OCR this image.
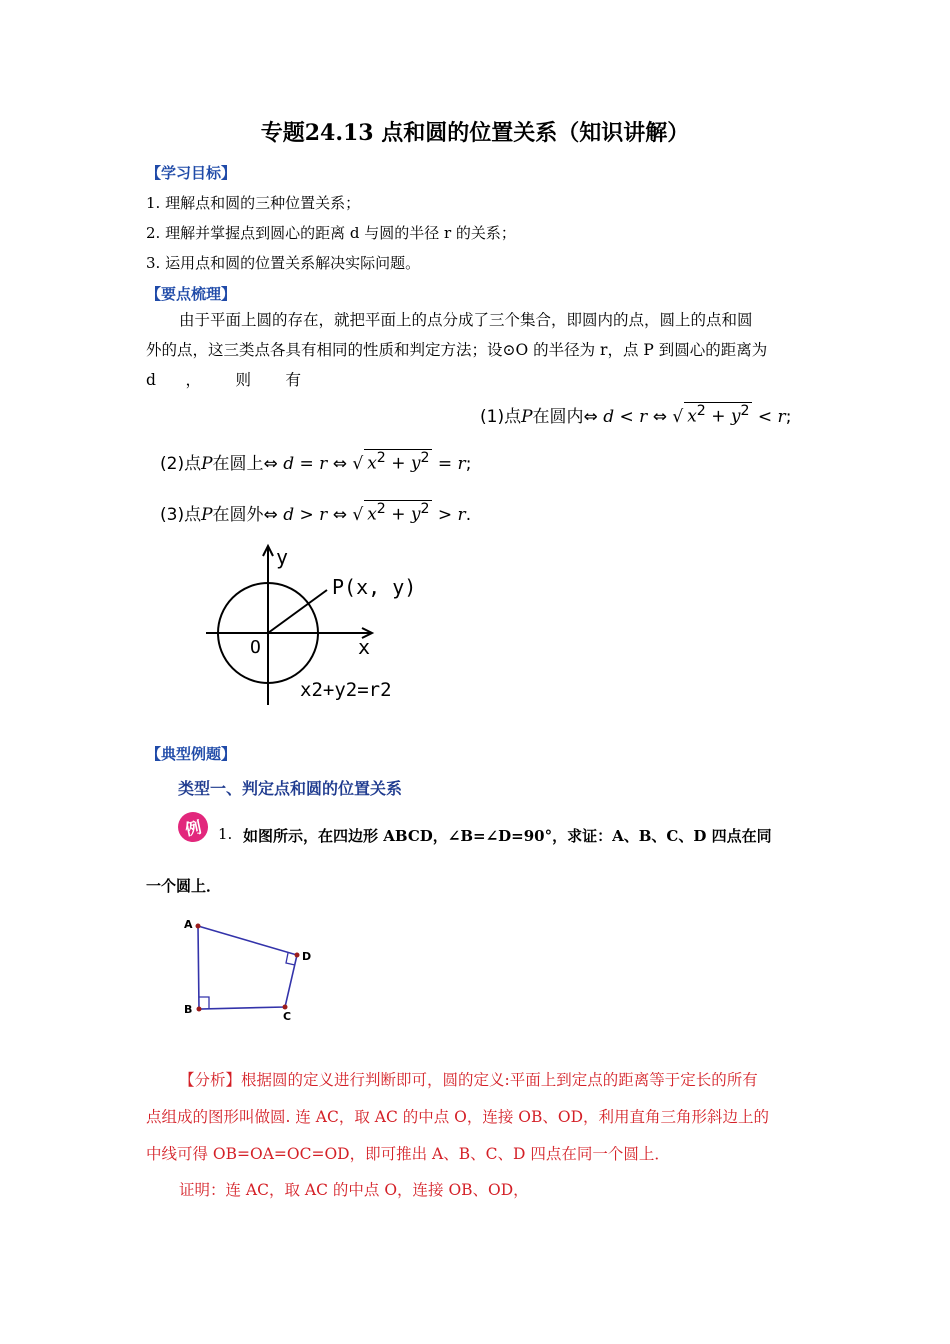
专题24.13 点和圆的位置关系（知识讲解）
【学习目标】
1. 理解点和圆的三种位置关系；
2. 理解并掌握点到圆心的距离 d 与圆的半径 r 的关系；
3. 运用点和圆的位置关系解决实际问题。
【要点梳理】
由于平面上圆的存在，就把平面上的点分成了三个集合，即圆内的点，圆上的点和圆
外的点，这三类点各具有相同的性质和判定方法；设⊙O 的半径为 r，点 P 到圆心的距离为
d      ，       则       有
(1)点P在圆内⇔ d < r ⇔ √ $x^2 + y^2 < r$;
(2)点P在圆上⇔ d = r ⇔ √ $x^2 + y^2 = r$;
(3)点P在圆外⇔ d > r ⇔ √ $x^2 + y^2 > r$.
y
x
O
P(x, y)
x2+y2=r2
【典型例题】
类型一、判定点和圆的位置关系
例 1. 如图所示，在四边形 ABCD，∠B=∠D=90°，求证：A、B、C、D 四点在同
一个圆上．
A
D
C
B
【分析】根据圆的定义进行判断即可，圆的定义:平面上到定点的距离等于定长的所有
点组成的图形叫做圆. 连 AC，取 AC 的中点 O，连接 OB、OD，利用直角三角形斜边上的
中线可得 OB=OA=OC=OD，即可推出 A、B、C、D 四点在同一个圆上．
证明：连 AC，取 AC 的中点 O，连接 OB、OD，
